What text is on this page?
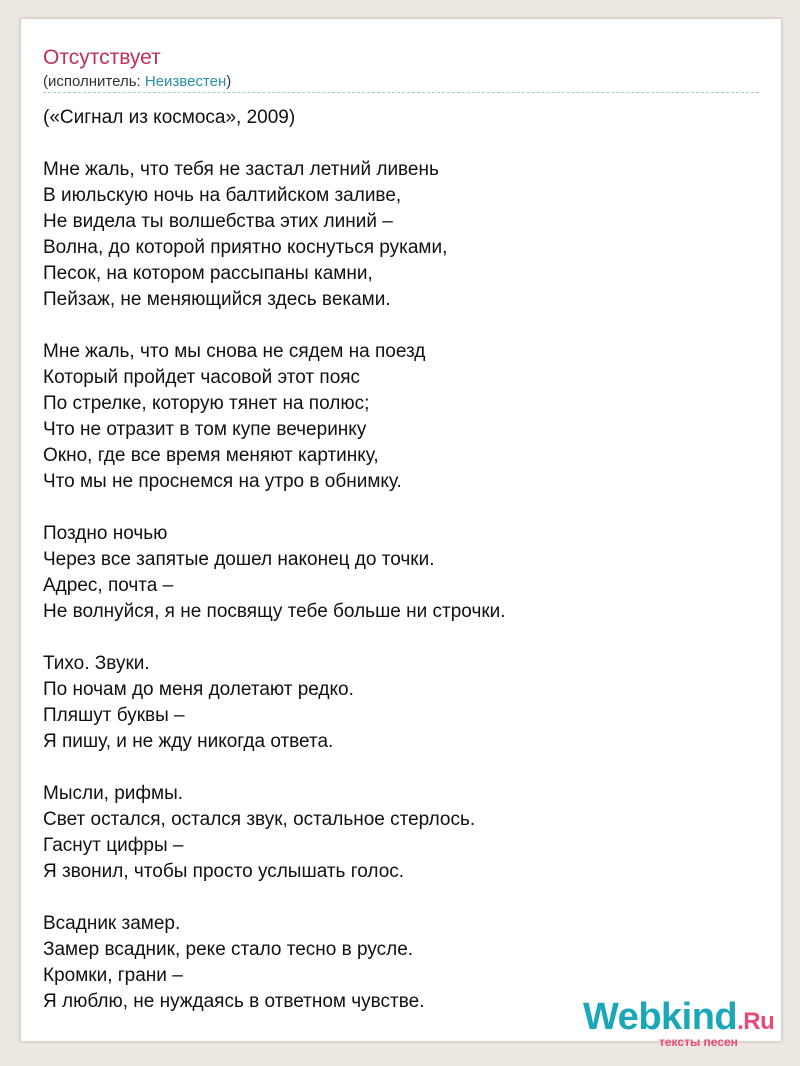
Отсутствует
(исполнитель: Неизвестен)
(«Сигнал из космоса», 2009)

Мне жаль, что тебя не застал летний ливень
В июльскую ночь на балтийском заливе,
Не видела ты волшебства этих линий –
Волна, до которой приятно коснуться руками,
Песок, на котором рассыпаны камни,
Пейзаж, не меняющийся здесь веками.

Мне жаль, что мы снова не сядем на поезд
Который пройдет часовой этот пояс
По стрелке, которую тянет на полюс;
Что не отразит в том купе вечеринку
Окно, где все время меняют картинку,
Что мы не проснемся на утро в обнимку.

Поздно ночью
Через все запятые дошел наконец до точки.
Адрес, почта –
Не волнуйся, я не посвящу тебе больше ни строчки.

Тихо. Звуки.
По ночам до меня долетают редко.
Пляшут буквы –
Я пишу, и не жду никогда ответа.

Мысли, рифмы.
Свет остался, остался звук, остальное стерлось.
Гаснут цифры –
Я звонил, чтобы просто услышать голос.

Всадник замер.
Замер всадник, реке стало тесно в русле.
Кромки, грани –
Я люблю, не нуждаясь в ответном чувстве.	Webkind.Ru
тексты песен
